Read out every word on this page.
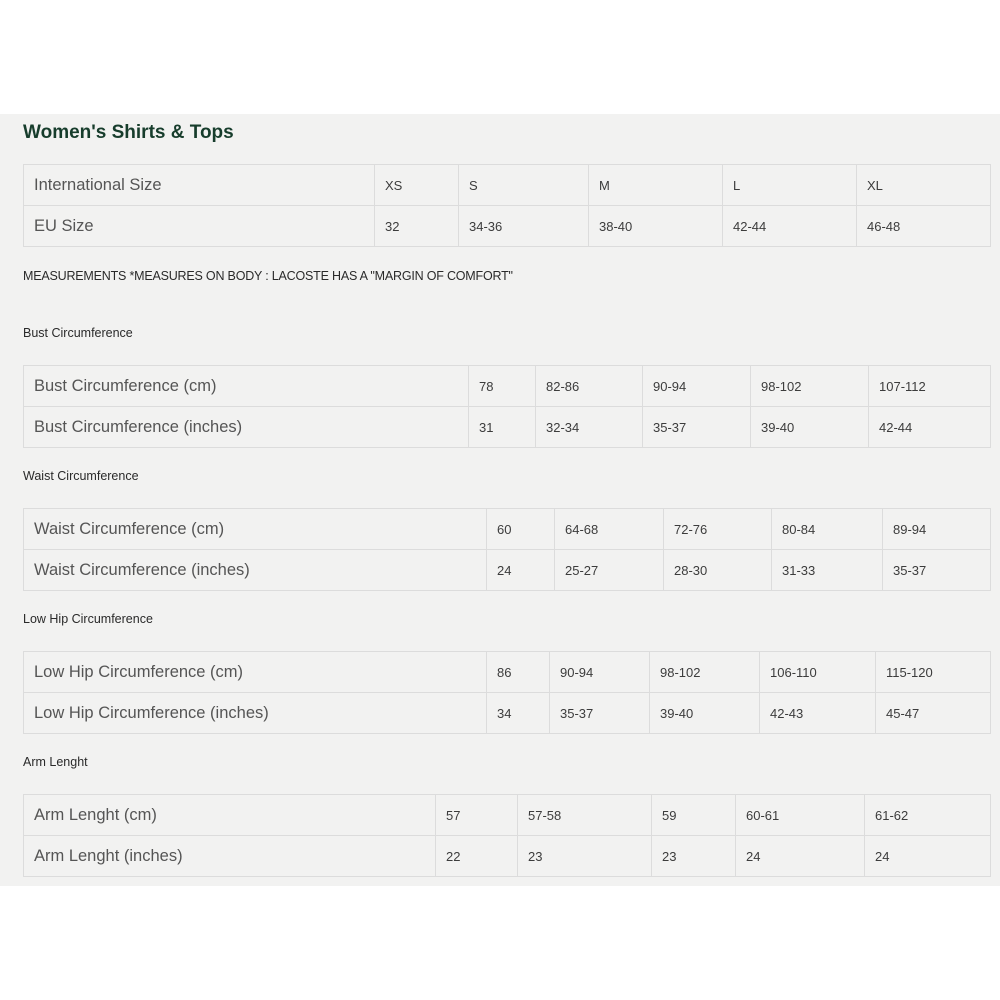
Women's Shirts & Tops
International Size	XS	S	M	L	XL
EU Size	32	34-36	38-40	42-44	46-48

MEASUREMENTS *MEASURES ON BODY : LACOSTE HAS A "MARGIN OF COMFORT"

Bust Circumference

Bust Circumference (cm)	78	82-86	90-94	98-102	107-112
Bust Circumference (inches)	31	32-34	35-37	39-40	42-44

Waist Circumference

Waist Circumference (cm)	60	64-68	72-76	80-84	89-94
Waist Circumference (inches)	24	25-27	28-30	31-33	35-37

Low Hip Circumference

Low Hip Circumference (cm)	86	90-94	98-102	106-110	115-120
Low Hip Circumference (inches)	34	35-37	39-40	42-43	45-47

Arm Lenght

Arm Lenght (cm)	57	57-58	59	60-61	61-62
Arm Lenght (inches)	22	23	23	24	24
